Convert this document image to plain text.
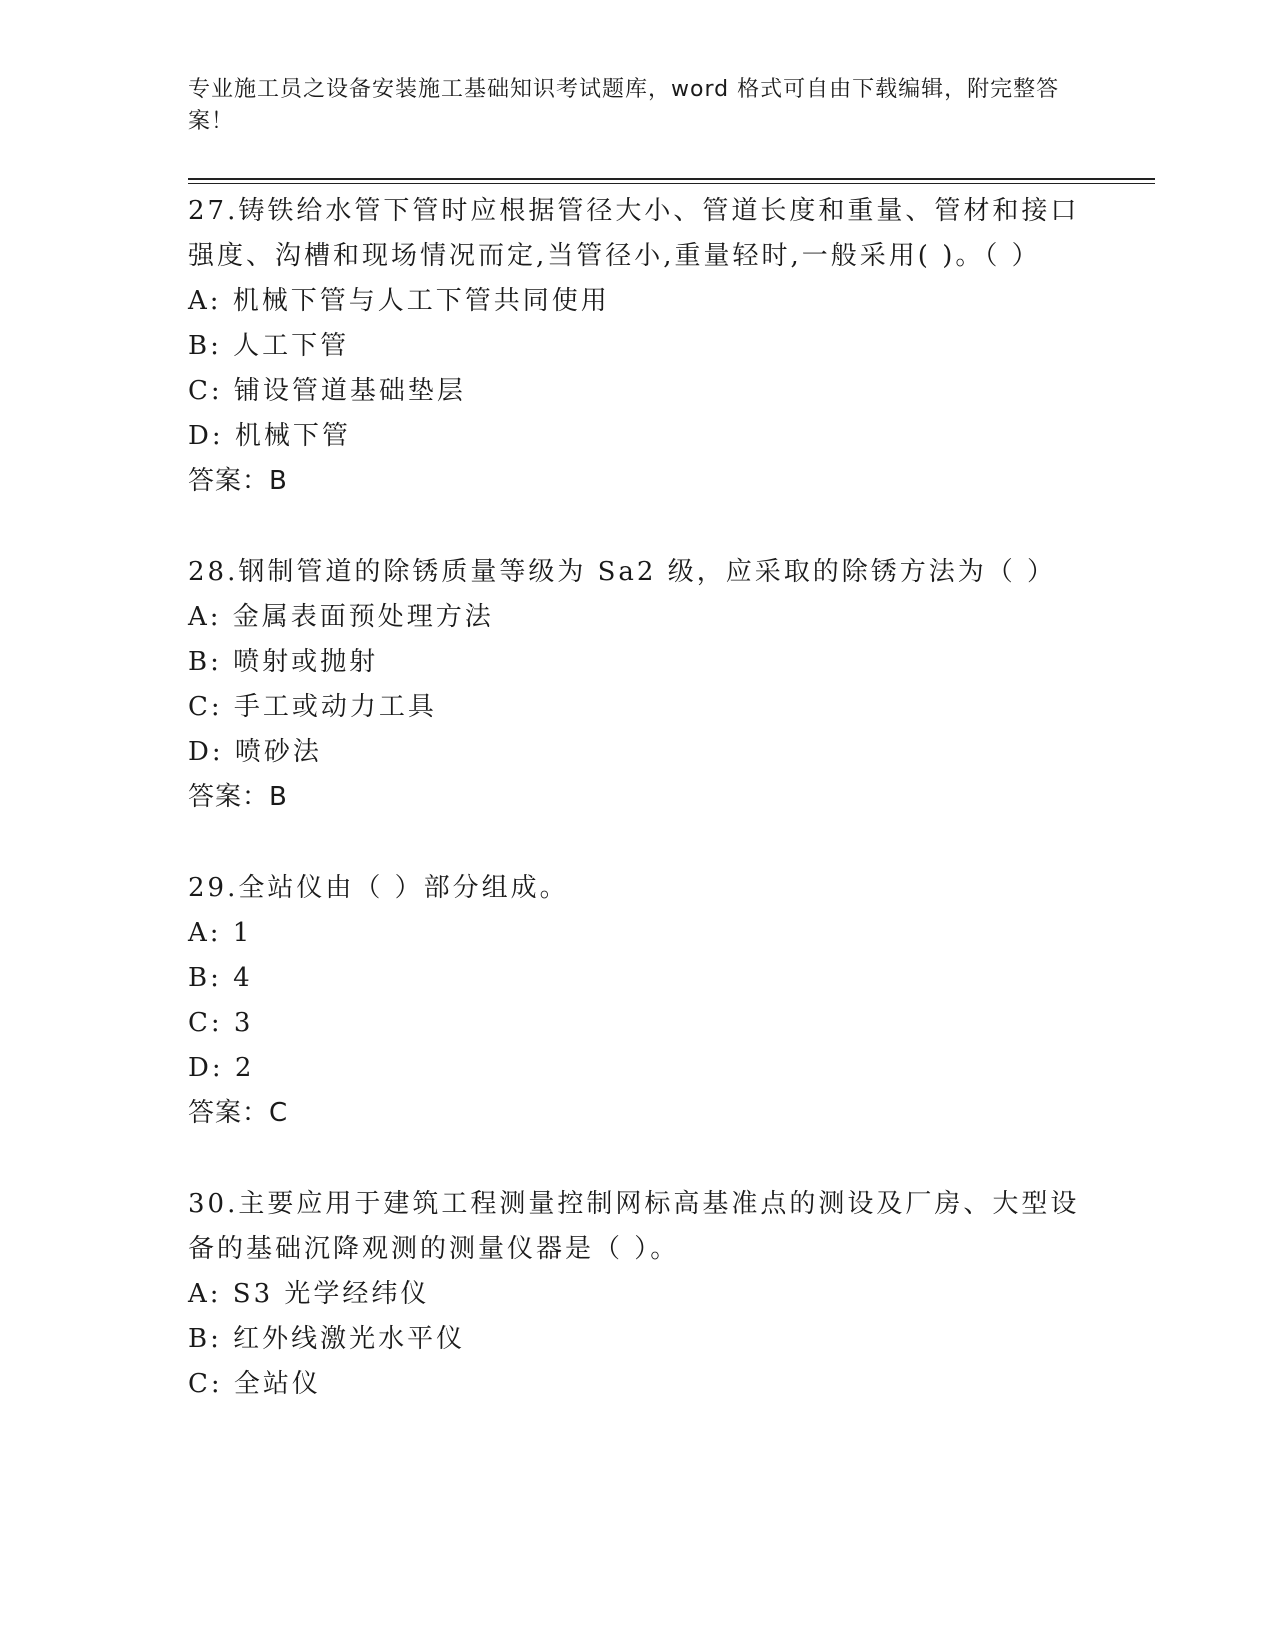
专业施工员之设备安装施工基础知识考试题库，word 格式可自由下载编辑，附完整答案！
27.铸铁给水管下管时应根据管径大小、管道长度和重量、管材和接口强度、沟槽和现场情况而定,当管径小,重量轻时,一般采用( )。（ ）
A: 机械下管与人工下管共同使用
B: 人工下管
C: 铺设管道基础垫层
D: 机械下管
答案：B
28.钢制管道的除锈质量等级为 Sa2 级，应采取的除锈方法为（ ）
A: 金属表面预处理方法
B: 喷射或抛射
C: 手工或动力工具
D: 喷砂法
答案：B
29.全站仪由（ ）部分组成。
A: 1
B: 4
C: 3
D: 2
答案：C
30.主要应用于建筑工程测量控制网标高基准点的测设及厂房、大型设备的基础沉降观测的测量仪器是（ ）。
A: S3 光学经纬仪
B: 红外线激光水平仪
C: 全站仪
